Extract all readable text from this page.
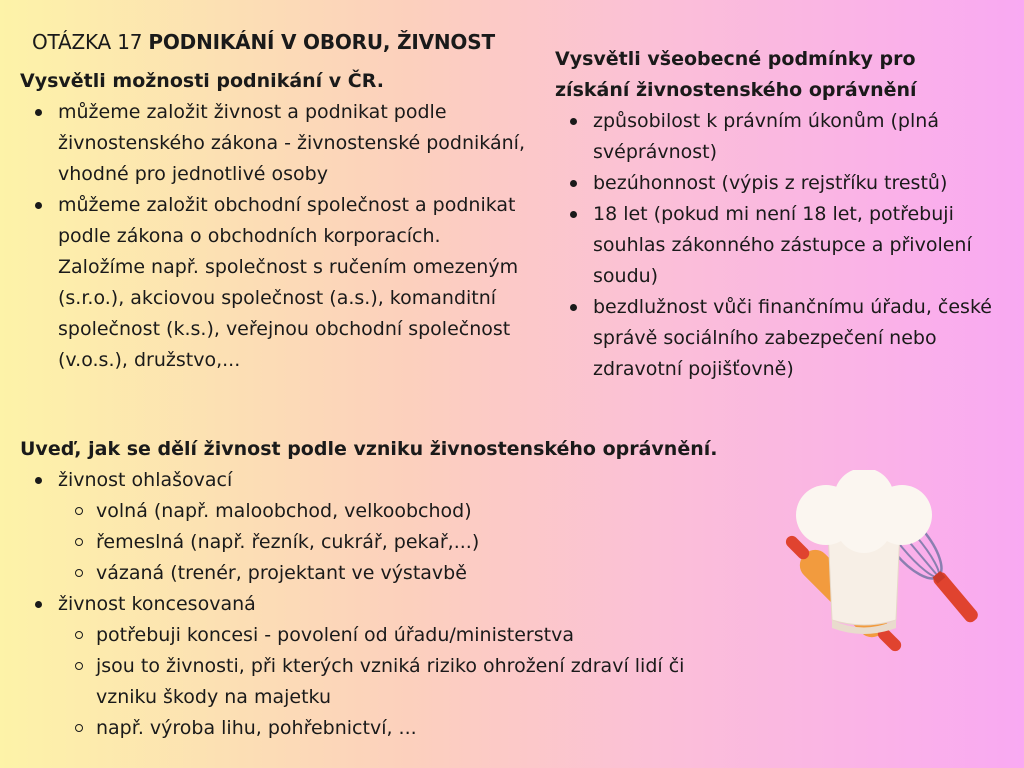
OTÁZKA 17 PODNIKÁNÍ V OBORU, ŽIVNOST
Vysvětli možnosti podnikání v ČR.
můžeme založit živnost a podnikat podle živnostenského zákona - živnostenské podnikání, vhodné pro jednotlivé osoby
můžeme založit obchodní společnost a podnikat podle zákona o obchodních korporacích. Založíme např. společnost s ručením omezeným (s.r.o.), akciovou společnost (a.s.), komanditní společnost (k.s.), veřejnou obchodní společnost (v.o.s.), družstvo,...
Vysvětli všeobecné podmínky pro získání živnostenského oprávnění
způsobilost k právním úkonům (plná svéprávnost)
bezúhonnost (výpis z rejstříku trestů)
18 let (pokud mi není 18 let, potřebuji souhlas zákonného zástupce a přivolení soudu)
bezdlužnost vůči finančnímu úřadu, české správě sociálního zabezpečení nebo zdravotní pojišťovně)
Uveď, jak se dělí živnost podle vzniku živnostenského oprávnění.
živnost ohlašovací
volná (např. maloobchod, velkoobchod)
řemeslná (např. řezník, cukrář, pekař,...)
vázaná (trenér, projektant ve výstavbě
živnost koncesovaná
potřebuji koncesi - povolení od úřadu/ministerstva
jsou to živnosti, při kterých vzniká riziko ohrožení zdraví lidí či vzniku škody na majetku
např. výroba lihu, pohřebnictví, ...
